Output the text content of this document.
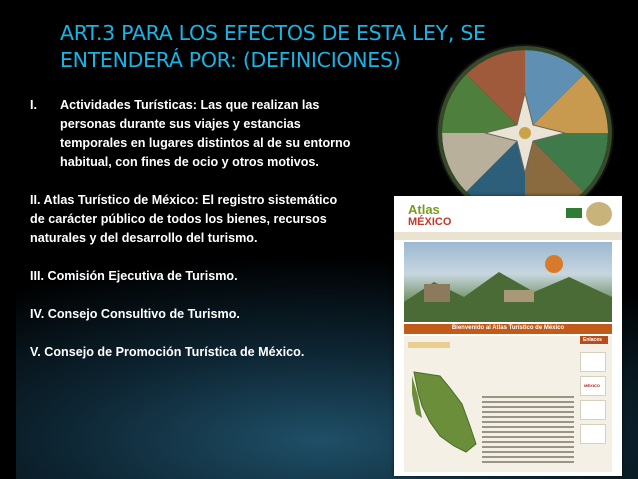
ART.3 PARA LOS EFECTOS DE ESTA LEY, SE
ENTENDERÁ POR: (DEFINICIONES)
I. Actividades Turísticas: Las que realizan las
personas durante sus viajes y estancias
temporales en lugares distintos al de su entorno
habitual, con fines de ocio y otros motivos.
II. Atlas Turístico de México: El registro sistemático
de carácter público de todos los bienes, recursos
naturales y del desarrollo del turismo.
III. Comisión Ejecutiva de Turismo.
IV. Consejo Consultivo de Turismo.
V. Consejo de Promoción Turística de México.
Atlas
MÉXICO
Bienvenido al Atlas Turístico de México
Enlaces
MÉXICO
